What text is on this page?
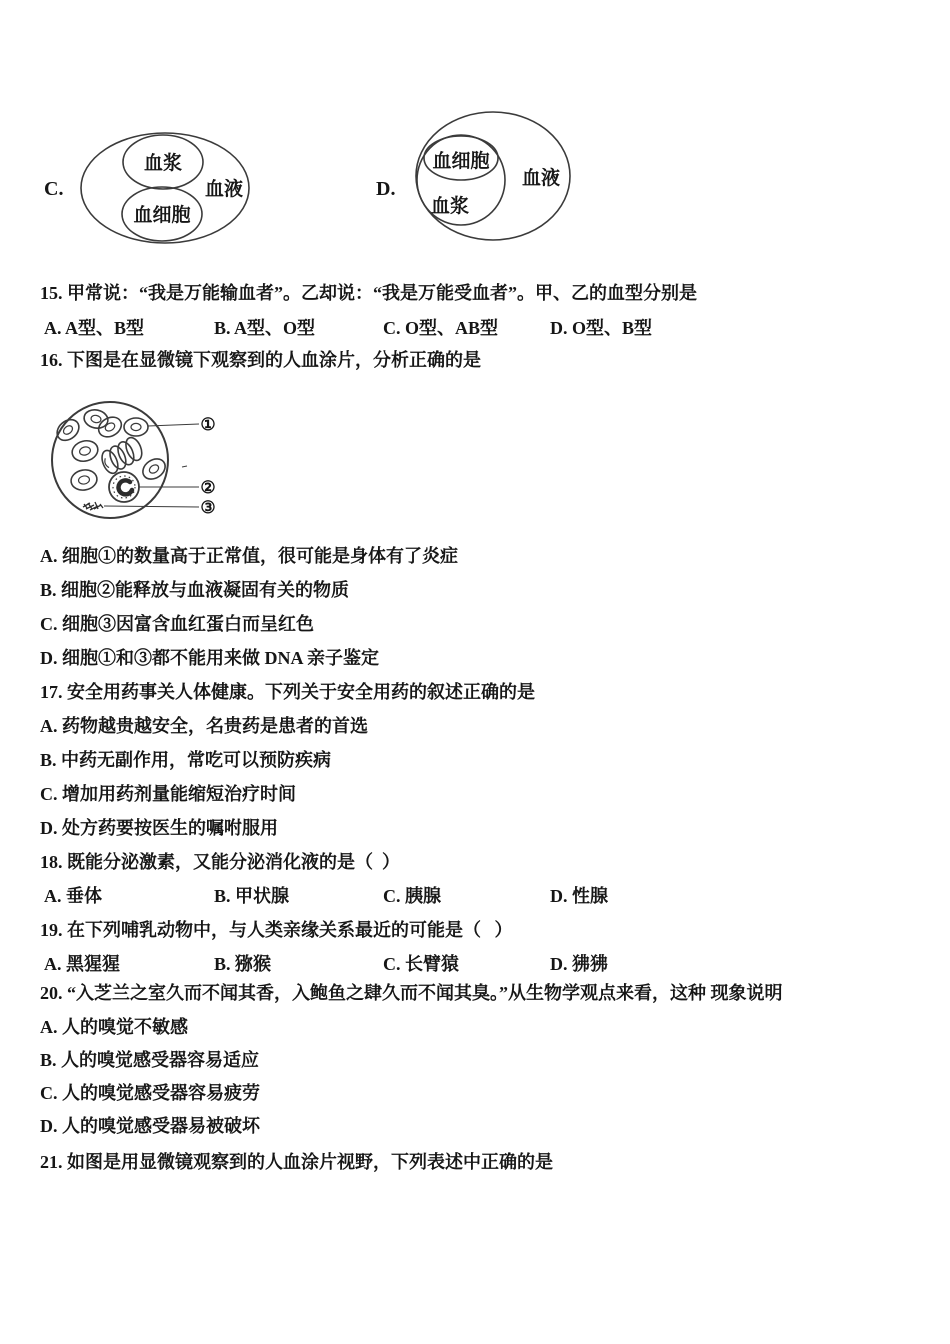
C.
血浆
血细胞
血液	D.
血细胞
血浆
血液
15. 甲常说：“我是万能输血者”。乙却说：“我是万能受血者”。甲、乙的血型分别是
A. A型、B型	B. A型、O型	C. O型、AB型	D. O型、B型
16. 下图是在显微镜下观察到的人血涂片，分析正确的是
①
②
③
A. 细胞①的数量高于正常值，很可能是身体有了炎症
B. 细胞②能释放与血液凝固有关的物质
C. 细胞③因富含血红蛋白而呈红色
D. 细胞①和③都不能用来做 DNA 亲子鉴定
17. 安全用药事关人体健康。下列关于安全用药的叙述正确的是
A. 药物越贵越安全，名贵药是患者的首选
B. 中药无副作用，常吃可以预防疾病
C. 增加用药剂量能缩短治疗时间
D. 处方药要按医生的嘱咐服用
18. 既能分泌激素，又能分泌消化液的是（  ）
A. 垂体	B. 甲状腺	C. 胰腺	D. 性腺
19. 在下列哺乳动物中，与人类亲缘关系最近的可能是（   ）
A. 黑猩猩	B. 猕猴	C. 长臂猿	D. 狒狒
20. “入芝兰之室久而不闻其香，入鲍鱼之肆久而不闻其臭。”从生物学观点来看，这种 现象说明
A. 人的嗅觉不敏感
B. 人的嗅觉感受器容易适应
C. 人的嗅觉感受器容易疲劳
D. 人的嗅觉感受器易被破坏
21. 如图是用显微镜观察到的人血涂片视野，下列表述中正确的是
